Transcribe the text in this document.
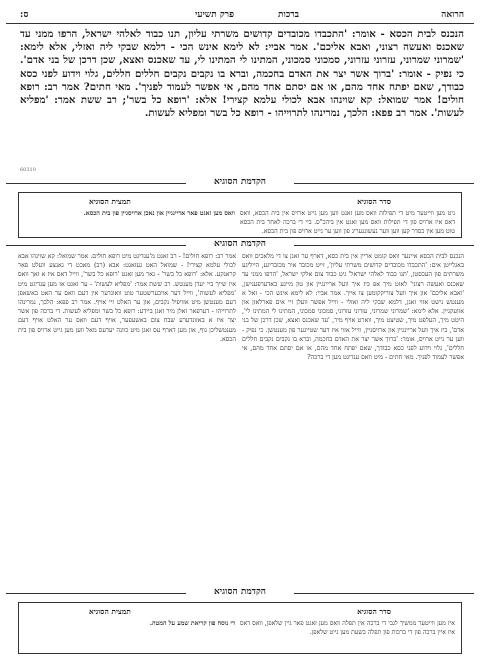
הרואה
פרק תשיעי	ברכות
ס:
הנכנס לבית הכסא - אומר: 'התכבדו מכובדים קדושים משרתי עליון, תנו כבוד לאלהי ישראל, הרפו ממני עד שאכנס ואעשה רצוני, ואבא אליכם'. אמר אביי: לא לימא אינש הכי - דלמא שבקי ליה ואזלי, אלא לימא: 'שמרוני שמרוני, עזרוני עזרוני, סמכוני סמכוני, המתינו לי המתינו לי, עד שאכנס ואצא, שכן דרכן של בני אדם'. כי נפיק - אומר: 'ברוך אשר יצר את האדם בחכמה, וברא בו נקבים נקבים חללים חללים, גלוי וידוע לפני כסא כבודך, שאם יפתח אחד מהם, או אם יסתם אחד מהם, אי אפשר לעמוד לפניך'. מאי חתים? אמר רב: רופא חולים! אמר שמואל: קא שוינהו אבא לכולי עלמא קצירי! אלא: 'רופא כל בשר'; רב ששת אמר: 'מפליא לעשות'. אמר רב פפא: הלכך, נמרינהו לתרוייהו - רופא כל בשר ומפליא לעשות.
60310
הקדמת הסוגיא
סדר הסוגיא
תמצית הסוגיא
ניט מען ווייטער מיט די תפילות וואס מען זאגט ווען מען גייט ארויס אין בית הכסא, וואס דאס איז ארויס פון די תפילות וואס מען זאגט אין ביהכ"ס. ביי די ברכה לאחר בית הכסא טוט מען אין כסדר קען ווען ווער נעשונגעריג פון ווען ער גייט ארויס פון בית הכסא.
וואס מען זאגט פאר אריינגיין און נאכן ארויסגיין פון בית הכסא.
הקדמת הסוגיא
הנכנס לבית הכסא איינער וואס קומט אריין אין בית כסא, דארף ער זאגן צו די מלאכים וואס באגלייטן אים: 'התכבדו מכובדים קדושים משרתי עליון', זייט מכובד איר מכובדיגע, הייליגע משרתים פון העכסטן, 'תנו כבוד לאלהי ישראל' גיט כבוד צום אלקי ישראל, 'הרפו ממני עד שאכנס ואעשה רצוני' לאזט מיך אפ ביז איך וועל אריינגיין און טון מיינע באדערפענישן, 'ואבא אליכם' און איך וועל צוריקקומען צו אייך. אמר אביי: לא לימא אינש הכי - זאל א מענטש נישט אזוי זאגן, דלמא שבקי ליה ואזלי - ווייל אפשר וועלן זיי אים פארלאזן און אוועקגיין. אלא לימא: 'שמרוני שמרוני, עזרוני עזרוני, סמכוני סמכוני, המתינו לי המתינו לי', היטט מיך, העלפט מיך, שטיצט מיך, ווארט אויף מיר, 'עד שאכנס ואצא, שכן דרכן של בני אדם', ביז איך וועל אריינגיין און ארויסגיין, ווייל אזוי איז דער שטייגער פון מענטשן. כי נפיק - ווען ער גייט ארויס, אומר: 'ברוך אשר יצר את האדם בחכמה, וברא בו נקבים נקבים חללים חללים', גלוי וידוע לפני כסא כבודך, שאם יפתח אחד מהם, או אם יסתם אחד מהם, אי אפשר לעמוד לפניך. מאי חתים - מיט וואס ענדיגט מען די ברכה?
אמר רב: רופא חולים! - רב זאגט מ'ענדיגט מיט רופא חולים. אמר שמואל: קא שוינהו אבא לכולי עלמא קצירי! - שמואל האט געזאגט: אבא (רב) מאכט די גאנצע וועלט פאר קראנקע. אלא: 'רופא כל בשר' - נאר מען זאגט 'רופא כל בשר', ווייל דאס איז א זאך וואס איז שייך ביי יעדן מענטש. רב ששת אמר: 'מפליא לעשות' - ער זאגט אז מען ענדיגט מיט 'מפליא לעשות', ווייל דער אויבערשטער טוט וואונדער אין דעם וואס ער האט באשאפן דעם מענטשן מיט אזויפיל נקבים, און ער האלט זיי אויף. אמר רב פפא: הלכך, נמרינהו לתרוייהו - דערפאר זאלן מיר זאגן ביידע: רופא כל בשר ומפליא לעשות. די ברכה פון אשר יצר איז א באזונדערע שבח צום באשעפער, אויף דעם וואס ער האלט אויף דעם מענטשליכן גוף, און מען דארף עס זאגן מיט כוונה יעדעס מאל ווען מען גייט ארויס פון בית הכסא.
הקדמת הסוגיא
סדר הסוגיא
תמצית הסוגיא
איז מען ווייטער ממשיך לגבי די ברכה אין תפלה וואס מען זאגט פאר גיין שלאפן, וואס דאס איז איין ברכה פון די ברכות פון תפלה בשעת מען גייט שלאפן.
די נוסח פון קריאת שמע על המטה.
